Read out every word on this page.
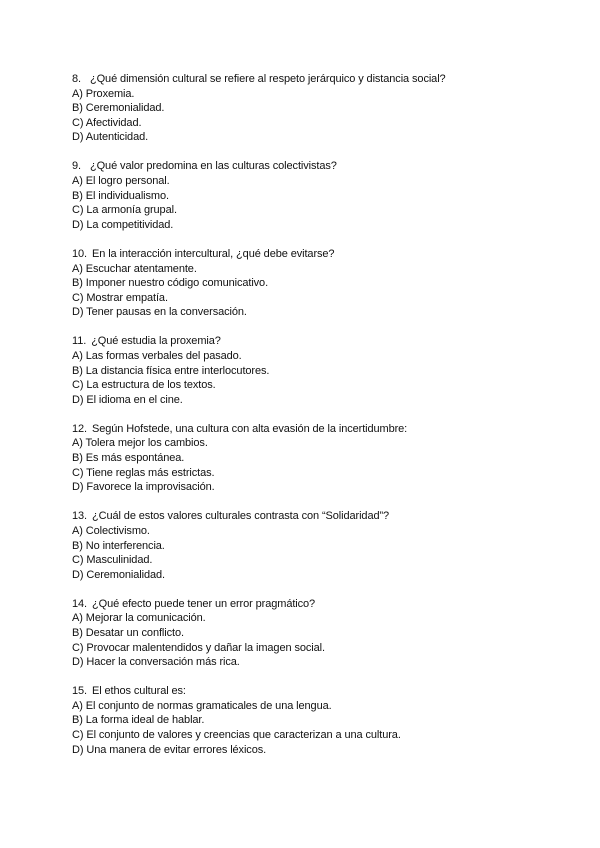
8. ¿Qué dimensión cultural se refiere al respeto jerárquico y distancia social?
A) Proxemia.
B) Ceremonialidad.
C) Afectividad.
D) Autenticidad.
9. ¿Qué valor predomina en las culturas colectivistas?
A) El logro personal.
B) El individualismo.
C) La armonía grupal.
D) La competitividad.
10. En la interacción intercultural, ¿qué debe evitarse?
A) Escuchar atentamente.
B) Imponer nuestro código comunicativo.
C) Mostrar empatía.
D) Tener pausas en la conversación.
11. ¿Qué estudia la proxemia?
A) Las formas verbales del pasado.
B) La distancia física entre interlocutores.
C) La estructura de los textos.
D) El idioma en el cine.
12. Según Hofstede, una cultura con alta evasión de la incertidumbre:
A) Tolera mejor los cambios.
B) Es más espontánea.
C) Tiene reglas más estrictas.
D) Favorece la improvisación.
13. ¿Cuál de estos valores culturales contrasta con “Solidaridad”?
A) Colectivismo.
B) No interferencia.
C) Masculinidad.
D) Ceremonialidad.
14. ¿Qué efecto puede tener un error pragmático?
A) Mejorar la comunicación.
B) Desatar un conflicto.
C) Provocar malentendidos y dañar la imagen social.
D) Hacer la conversación más rica.
15. El ethos cultural es:
A) El conjunto de normas gramaticales de una lengua.
B) La forma ideal de hablar.
C) El conjunto de valores y creencias que caracterizan a una cultura.
D) Una manera de evitar errores léxicos.
